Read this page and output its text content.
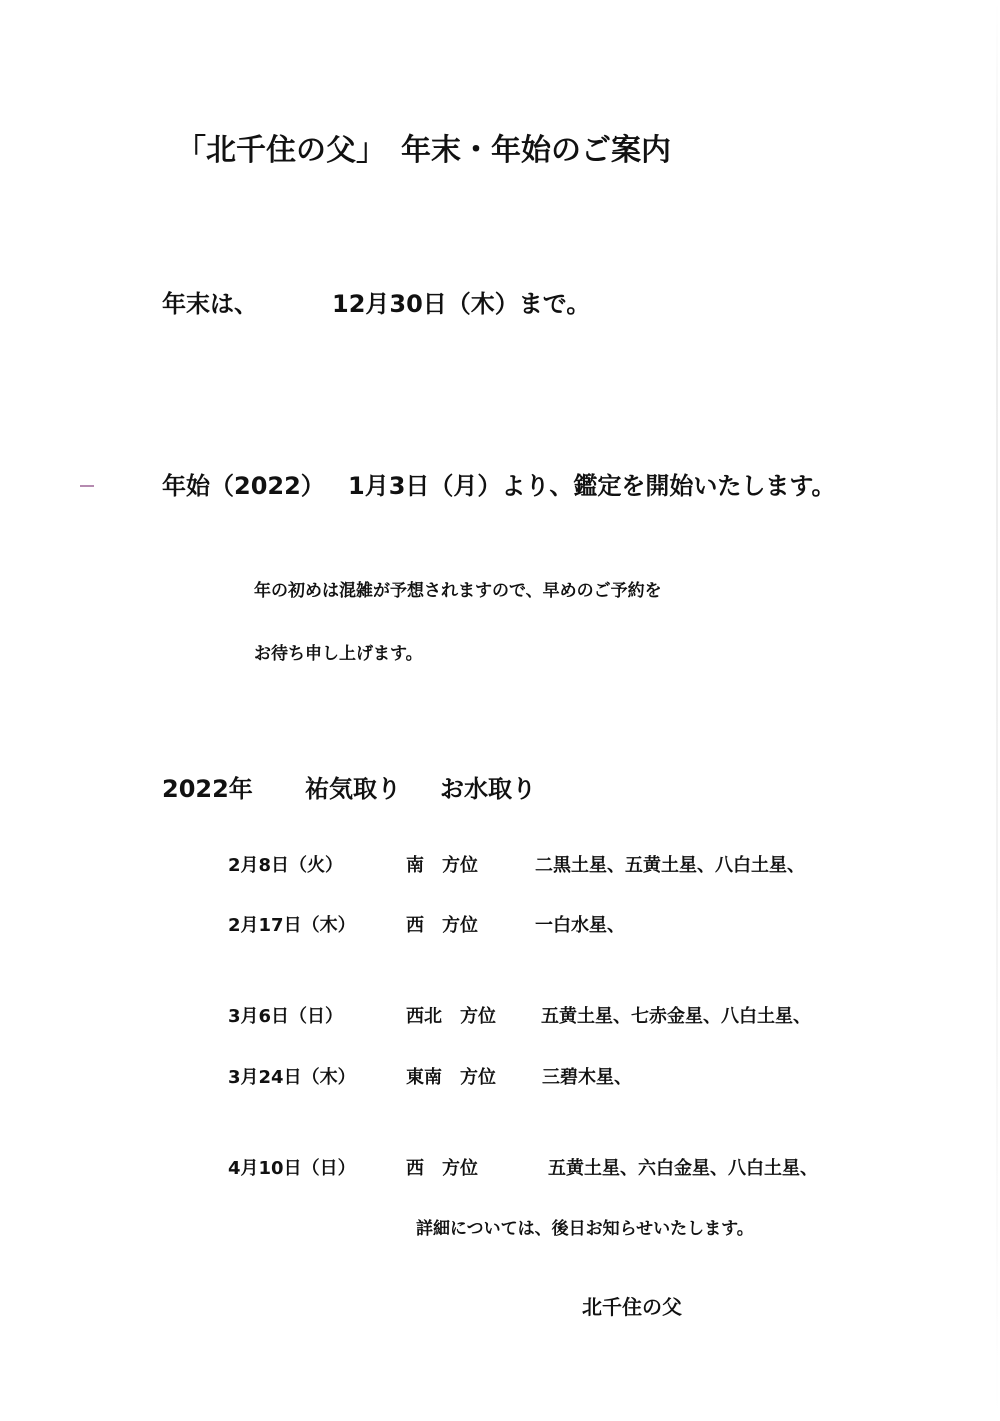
「北千住の父」　年末・年始のご案内
年末は、	12月30日（木）まで。
年始（2022） 1月3日（月）より、鑑定を開始いたします。
年の初めは混雑が予想されますので、早めのご予約を
お待ち申し上げます。
2022年 祐気取り お水取り
2月8日（火）	南　方位	二黒土星、五黄土星、八白土星、
2月17日（木）	西　方位	一白水星、
3月6日（日）	西北　方位	五黄土星、七赤金星、八白土星、
3月24日（木）	東南　方位	三碧木星、
4月10日（日）	西　方位	五黄土星、六白金星、八白土星、
詳細については、後日お知らせいたします。
北千住の父
